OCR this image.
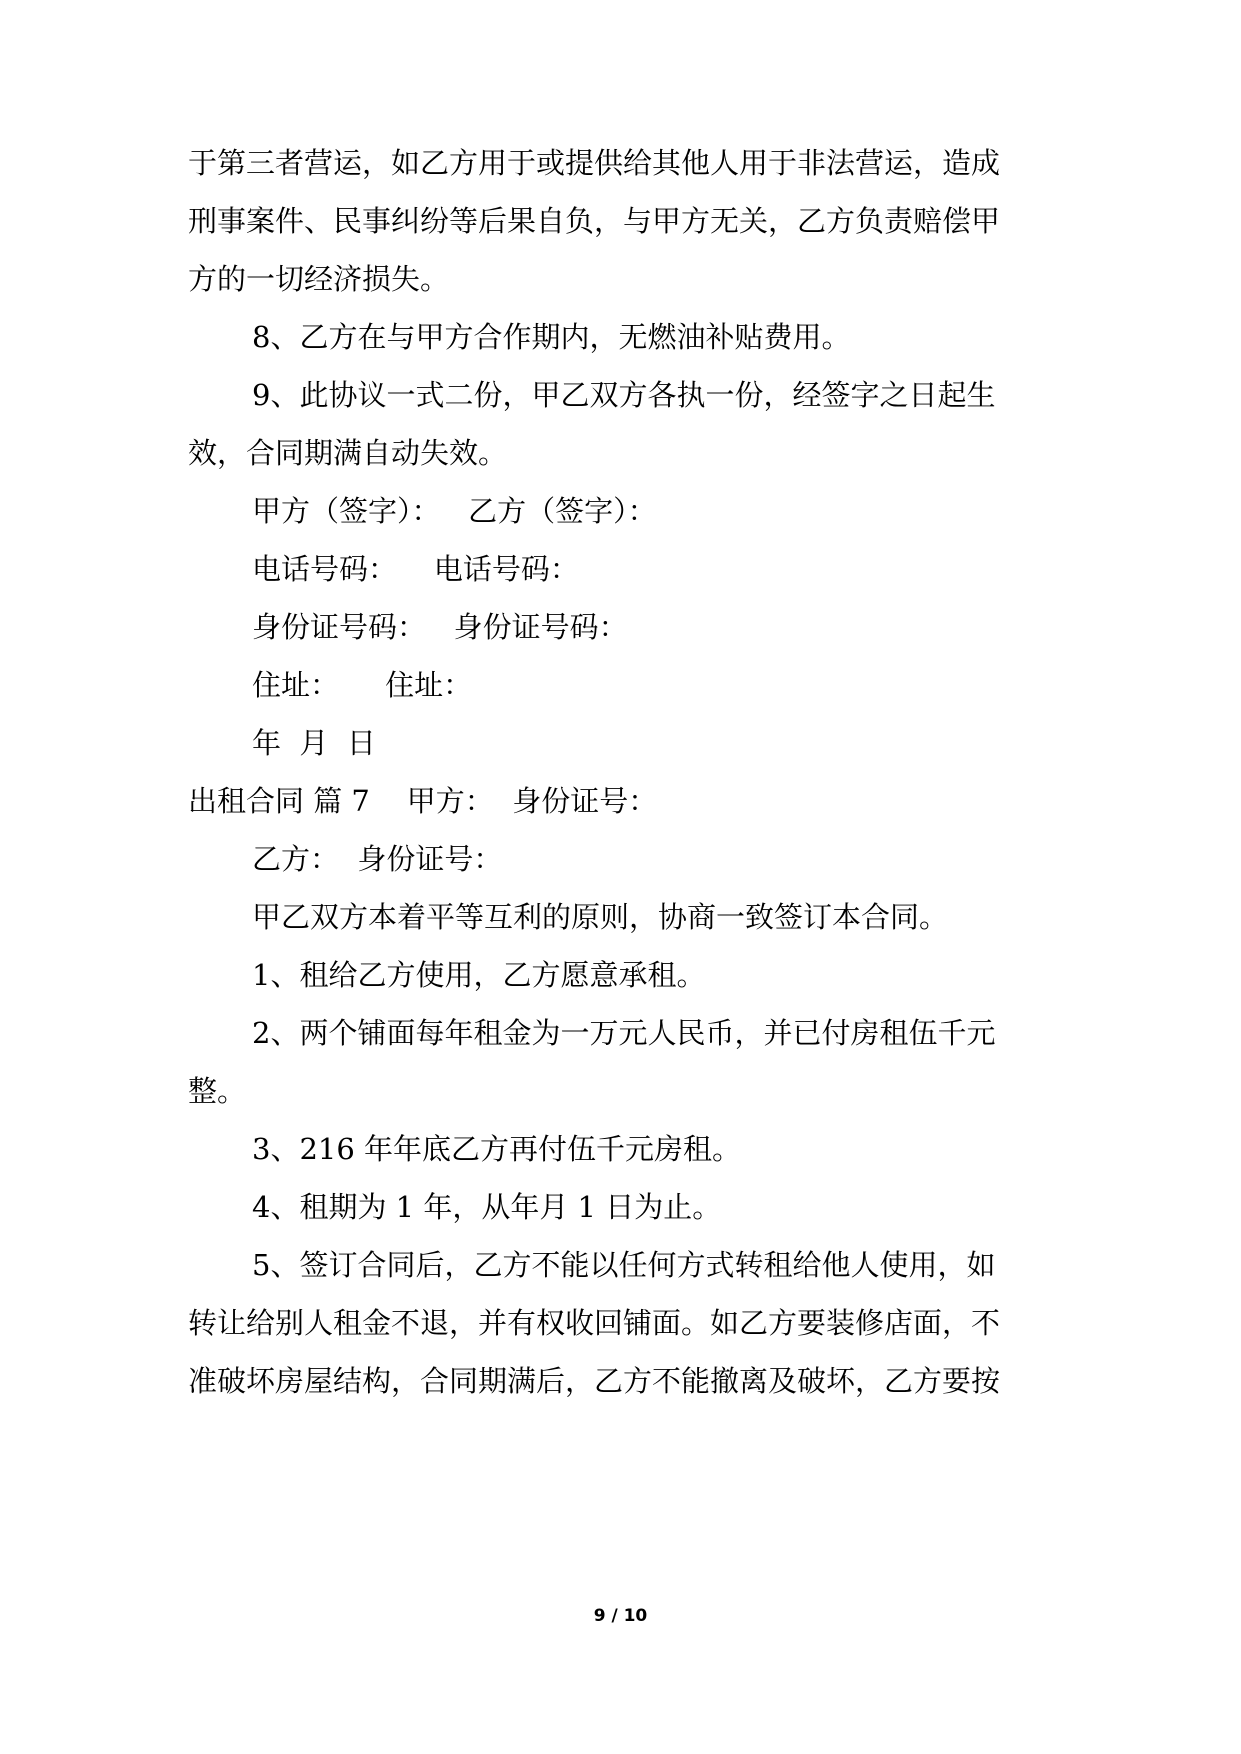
于第三者营运，如乙方用于或提供给其他人用于非法营运，造成
刑事案件、民事纠纷等后果自负，与甲方无关，乙方负责赔偿甲
方的一切经济损失。
8、乙方在与甲方合作期内，无燃油补贴费用。
9、此协议一式二份，甲乙双方各执一份，经签字之日起生
效，合同期满自动失效。
甲方（签字）：   乙方（签字）：
电话号码：    电话号码：
身份证号码：   身份证号码：
住址：     住址：
年  月  日
出租合同 篇 7    甲方：  身份证号：
乙方：  身份证号：
甲乙双方本着平等互利的原则，协商一致签订本合同。
1、租给乙方使用，乙方愿意承租。
2、两个铺面每年租金为一万元人民币，并已付房租伍千元
整。
3、216 年年底乙方再付伍千元房租。
4、租期为 1 年，从年月 1 日为止。
5、签订合同后，乙方不能以任何方式转租给他人使用，如
转让给别人租金不退，并有权收回铺面。如乙方要装修店面，不
准破坏房屋结构，合同期满后，乙方不能撤离及破坏，乙方要按
9 / 10
